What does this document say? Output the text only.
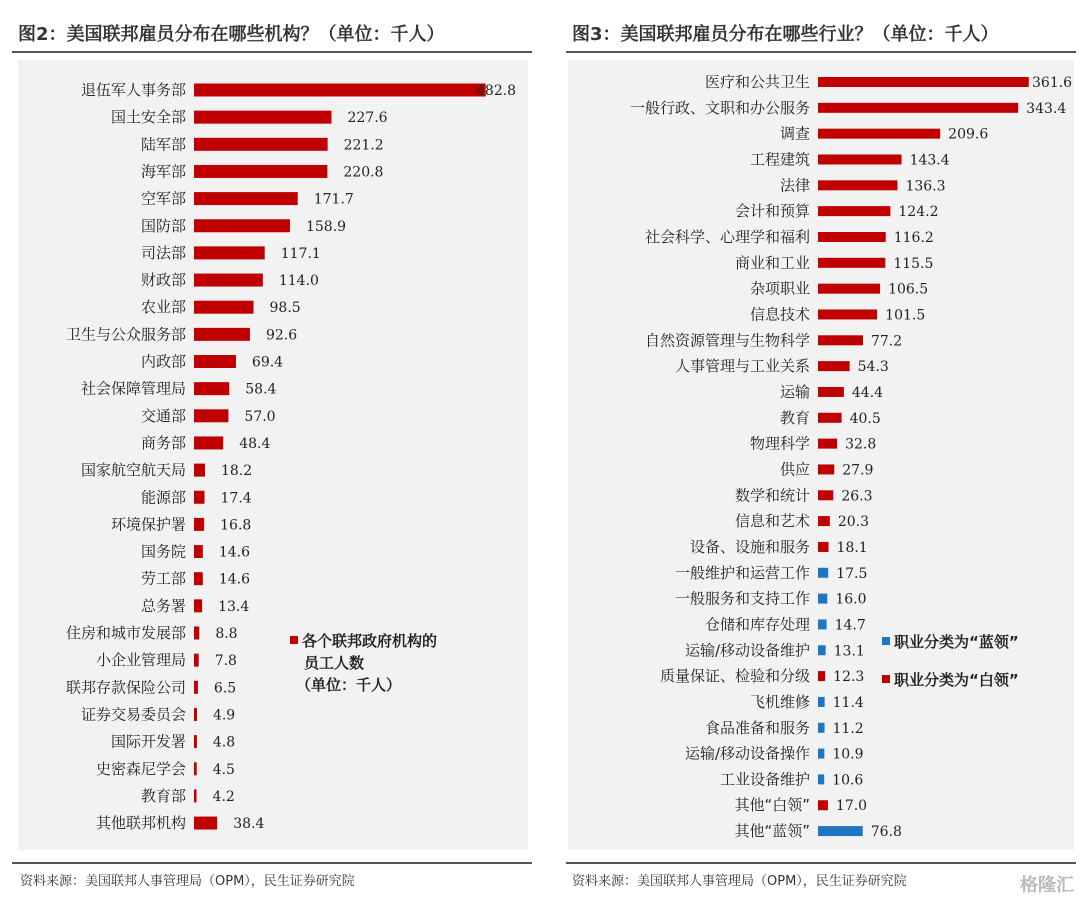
图2：美国联邦雇员分布在哪些机构？（单位：千人）
退伍军人事务部	482.8
国土安全部	227.6
陆军部	221.2
海军部	220.8
空军部	171.7
国防部	158.9
司法部	117.1
财政部	114.0
农业部	98.5
卫生与公众服务部	92.6
内政部	69.4
社会保障管理局	58.4
交通部	57.0
商务部	48.4
国家航空航天局 18.2
能源部 17.4
环境保护署 16.8
国务院 14.6
劳工部 14.6
总务署 13.4
住房和城市发展部 8.8
小企业管理局 7.8
联邦存款保险公司 6.5
证券交易委员会 4.9
国际开发署 4.8
史密森尼学会 4.5
教育部 4.2
其他联邦机构	38.4
各个联邦政府机构的
员工人数
（单位：千人）
资料来源：美国联邦人事管理局（OPM），民生证券研究院
图3：美国联邦雇员分布在哪些行业？（单位：千人）
医疗和公共卫生	361.6
一般行政、文职和办公服务	343.4
调查	209.6
工程建筑	143.4
法律	136.3
会计和预算	124.2
社会科学、心理学和福利	116.2
商业和工业	115.5
杂项职业	106.5
信息技术	101.5
自然资源管理与生物科学	77.2
人事管理与工业关系	54.3
运输	44.4
教育	40.5
物理科学	32.8
供应 27.9
数学和统计 26.3
信息和艺术 20.3
设备、设施和服务 18.1
一般维护和运营工作 17.5
一般服务和支持工作 16.0
仓储和库存处理 14.7
运输/移动设备维护 13.1
质量保证、检验和分级 12.3
飞机维修 11.4
食品准备和服务 11.2
运输/移动设备操作 10.9
工业设备维护 10.6
其他“白领” 17.0
其他“蓝领”	76.8
职业分类为“蓝领”
职业分类为“白领”
资料来源：美国联邦人事管理局（OPM），民生证券研究院	格隆汇
